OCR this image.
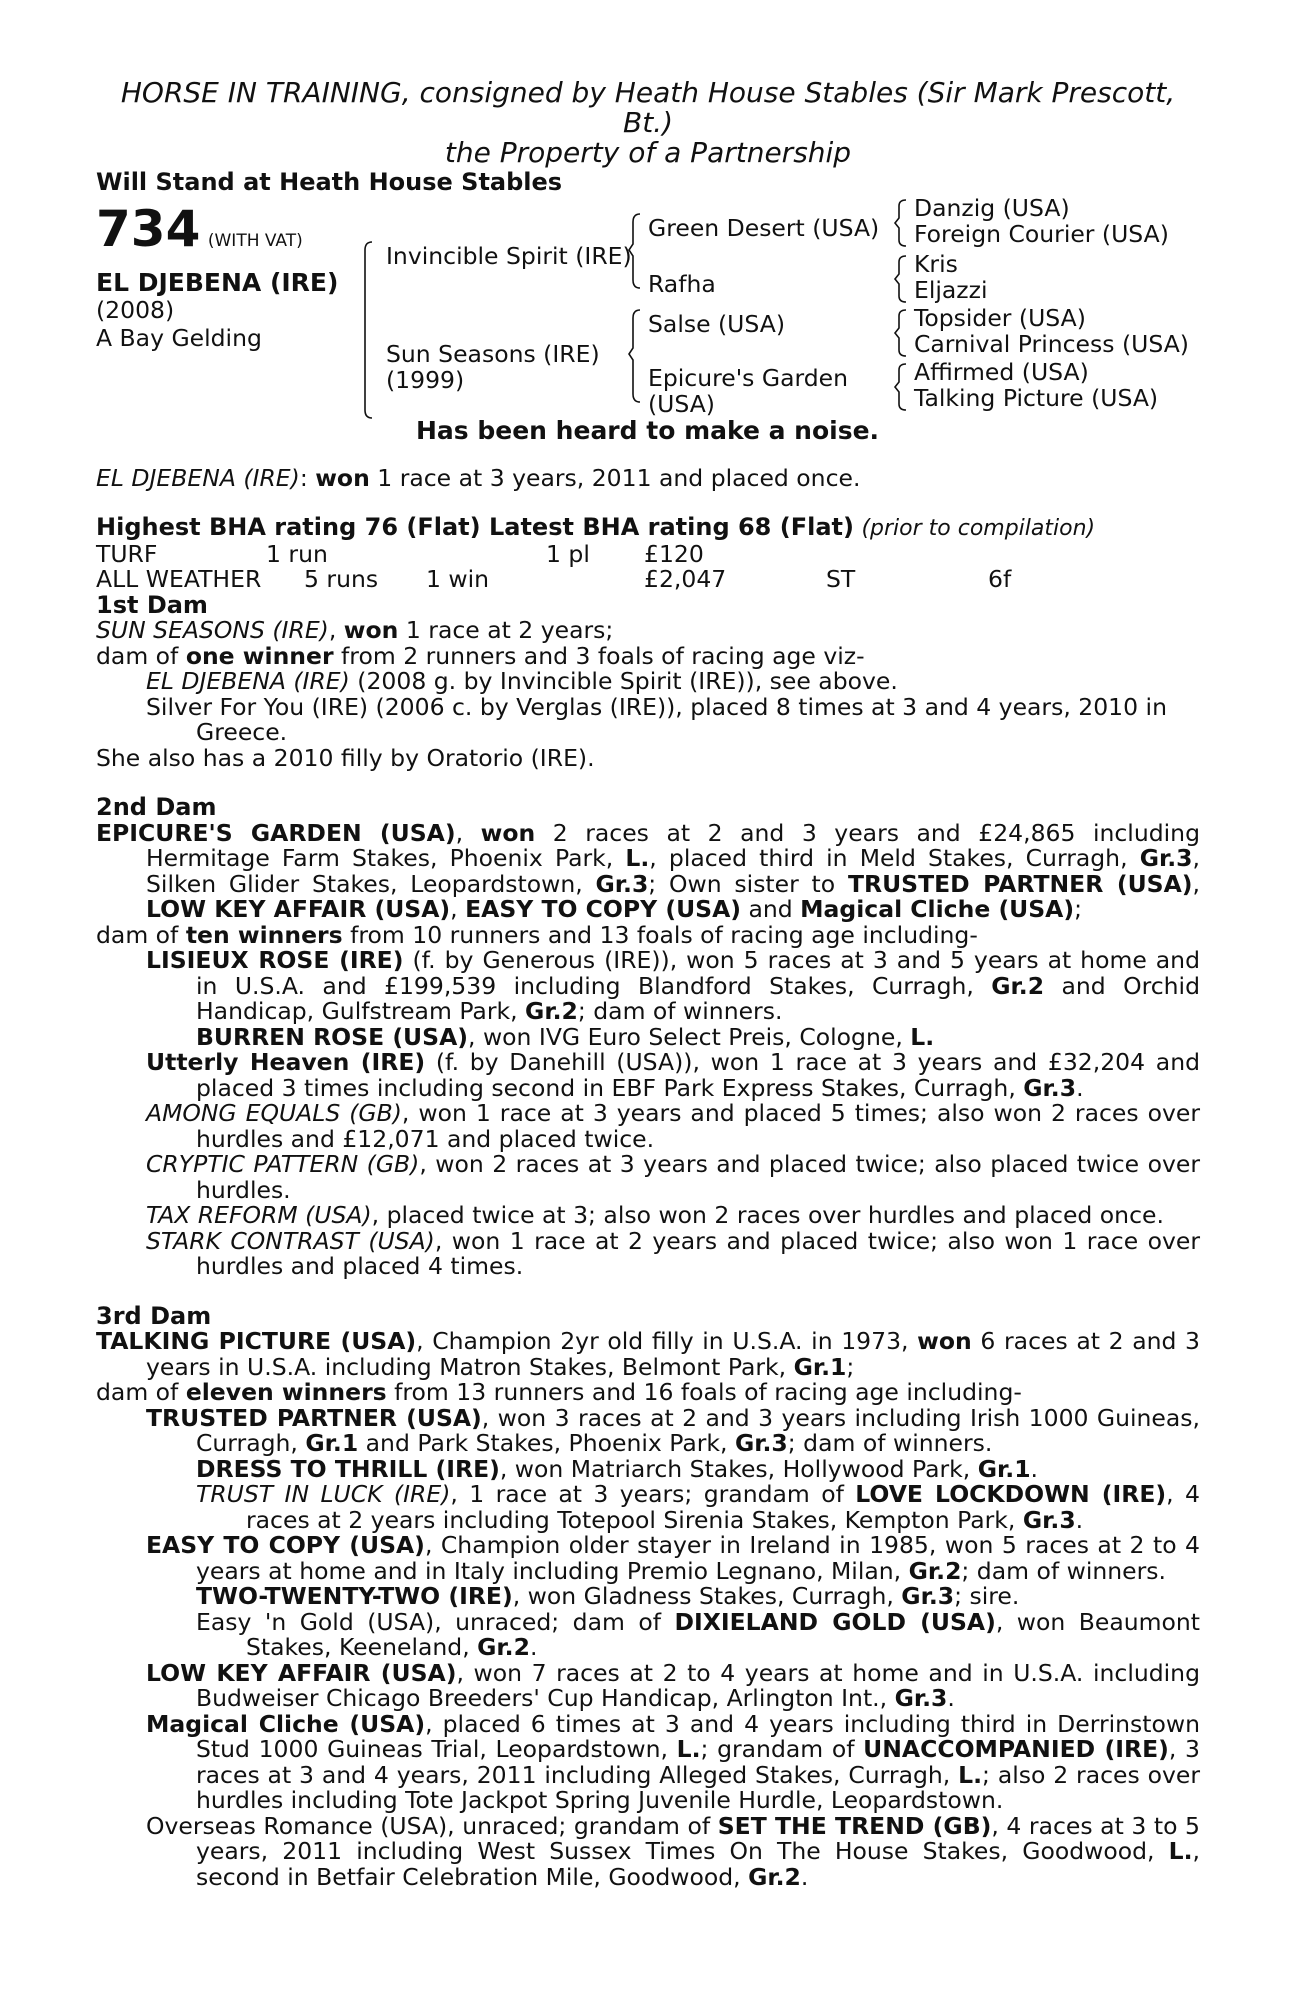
HORSE IN TRAINING, consigned by Heath House Stables (Sir Mark Prescott,
Bt.)
the Property of a Partnership
Will Stand at Heath House Stables
734 (WITH VAT)
EL DJEBENA (IRE)
(2008)
A Bay Gelding
Invincible Spirit (IRE)
Sun Seasons (IRE)
(1999)
Green Desert (USA)
Rafha
Salse (USA)
Epicure's Garden
(USA)
Danzig (USA)
Foreign Courier (USA)
Kris
Eljazzi
Topsider (USA)
Carnival Princess (USA)
Affirmed (USA)
Talking Picture (USA)
Has been heard to make a noise.
EL DJEBENA (IRE): won 1 race at 3 years, 2011 and placed once.
Highest BHA rating 76 (Flat) Latest BHA rating 68 (Flat) (prior to compilation)
TURF	1 run	1 pl £120
ALL WEATHER 5 runs 1 win	£2,047	ST	6f
1st Dam
SUN SEASONS (IRE), won 1 race at 2 years;
dam of one winner from 2 runners and 3 foals of racing age viz-
EL DJEBENA (IRE) (2008 g. by Invincible Spirit (IRE)), see above.
Silver For You (IRE) (2006 c. by Verglas (IRE)), placed 8 times at 3 and 4 years, 2010 in Greece.
She also has a 2010 filly by Oratorio (IRE).
2nd Dam
EPICURE'S GARDEN (USA), won 2 races at 2 and 3 years and £24,865 including Hermitage Farm Stakes, Phoenix Park, L., placed third in Meld Stakes, Curragh, Gr.3, Silken Glider Stakes, Leopardstown, Gr.3; Own sister to TRUSTED PARTNER (USA), LOW KEY AFFAIR (USA), EASY TO COPY (USA) and Magical Cliche (USA);
dam of ten winners from 10 runners and 13 foals of racing age including-
LISIEUX ROSE (IRE) (f. by Generous (IRE)), won 5 races at 3 and 5 years at home and in U.S.A. and £199,539 including Blandford Stakes, Curragh, Gr.2 and Orchid Handicap, Gulfstream Park, Gr.2; dam of winners.
BURREN ROSE (USA), won IVG Euro Select Preis, Cologne, L.
Utterly Heaven (IRE) (f. by Danehill (USA)), won 1 race at 3 years and £32,204 and placed 3 times including second in EBF Park Express Stakes, Curragh, Gr.3.
AMONG EQUALS (GB), won 1 race at 3 years and placed 5 times; also won 2 races over hurdles and £12,071 and placed twice.
CRYPTIC PATTERN (GB), won 2 races at 3 years and placed twice; also placed twice over hurdles.
TAX REFORM (USA), placed twice at 3; also won 2 races over hurdles and placed once.
STARK CONTRAST (USA), won 1 race at 2 years and placed twice; also won 1 race over hurdles and placed 4 times.
3rd Dam
TALKING PICTURE (USA), Champion 2yr old filly in U.S.A. in 1973, won 6 races at 2 and 3 years in U.S.A. including Matron Stakes, Belmont Park, Gr.1;
dam of eleven winners from 13 runners and 16 foals of racing age including-
TRUSTED PARTNER (USA), won 3 races at 2 and 3 years including Irish 1000 Guineas, Curragh, Gr.1 and Park Stakes, Phoenix Park, Gr.3; dam of winners.
DRESS TO THRILL (IRE), won Matriarch Stakes, Hollywood Park, Gr.1.
TRUST IN LUCK (IRE), 1 race at 3 years; grandam of LOVE LOCKDOWN (IRE), 4 races at 2 years including Totepool Sirenia Stakes, Kempton Park, Gr.3.
EASY TO COPY (USA), Champion older stayer in Ireland in 1985, won 5 races at 2 to 4 years at home and in Italy including Premio Legnano, Milan, Gr.2; dam of winners.
TWO-TWENTY-TWO (IRE), won Gladness Stakes, Curragh, Gr.3; sire.
Easy 'n Gold (USA), unraced; dam of DIXIELAND GOLD (USA), won Beaumont Stakes, Keeneland, Gr.2.
LOW KEY AFFAIR (USA), won 7 races at 2 to 4 years at home and in U.S.A. including Budweiser Chicago Breeders' Cup Handicap, Arlington Int., Gr.3.
Magical Cliche (USA), placed 6 times at 3 and 4 years including third in Derrinstown Stud 1000 Guineas Trial, Leopardstown, L.; grandam of UNACCOMPANIED (IRE), 3 races at 3 and 4 years, 2011 including Alleged Stakes, Curragh, L.; also 2 races over hurdles including Tote Jackpot Spring Juvenile Hurdle, Leopardstown.
Overseas Romance (USA), unraced; grandam of SET THE TREND (GB), 4 races at 3 to 5 years, 2011 including West Sussex Times On The House Stakes, Goodwood, L., second in Betfair Celebration Mile, Goodwood, Gr.2.
